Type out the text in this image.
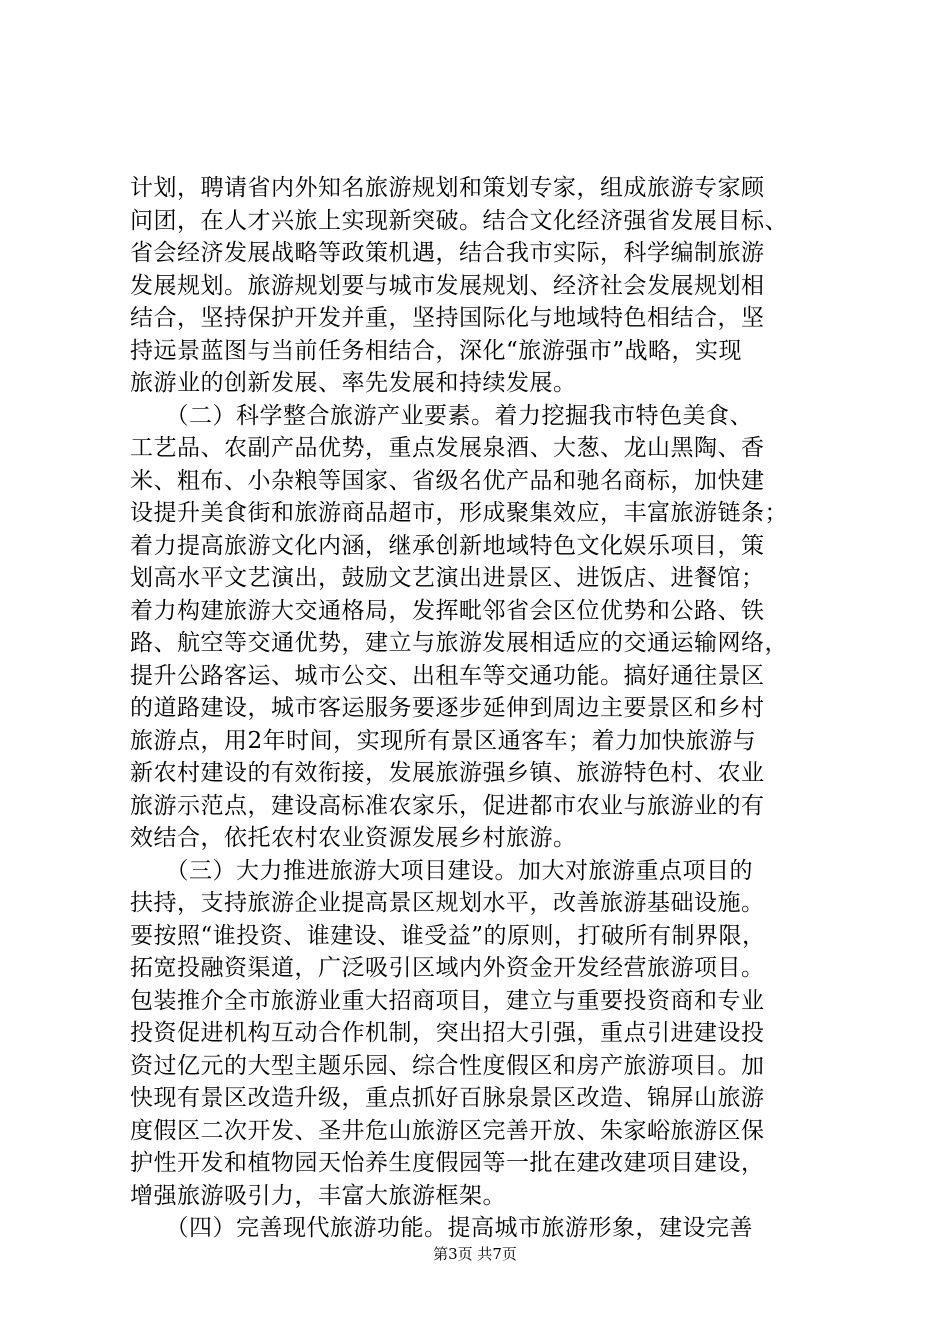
计划，聘请省内外知名旅游规划和策划专家，组成旅游专家顾
问团，在人才兴旅上实现新突破。结合文化经济强省发展目标、
省会经济发展战略等政策机遇，结合我市实际，科学编制旅游
发展规划。旅游规划要与城市发展规划、经济社会发展规划相
结合，坚持保护开发并重，坚持国际化与地域特色相结合，坚
持远景蓝图与当前任务相结合，深化“旅游强市”战略，实现
旅游业的创新发展、率先发展和持续发展。
　　（二）科学整合旅游产业要素。着力挖掘我市特色美食、
工艺品、农副产品优势，重点发展泉酒、大葱、龙山黑陶、香
米、粗布、小杂粮等国家、省级名优产品和驰名商标，加快建
设提升美食街和旅游商品超市，形成聚集效应，丰富旅游链条；
着力提高旅游文化内涵，继承创新地域特色文化娱乐项目，策
划高水平文艺演出，鼓励文艺演出进景区、进饭店、进餐馆；
着力构建旅游大交通格局，发挥毗邻省会区位优势和公路、铁
路、航空等交通优势，建立与旅游发展相适应的交通运输网络，
提升公路客运、城市公交、出租车等交通功能。搞好通往景区
的道路建设，城市客运服务要逐步延伸到周边主要景区和乡村
旅游点，用2年时间，实现所有景区通客车；着力加快旅游与
新农村建设的有效衔接，发展旅游强乡镇、旅游特色村、农业
旅游示范点，建设高标准农家乐，促进都市农业与旅游业的有
效结合，依托农村农业资源发展乡村旅游。
　　（三）大力推进旅游大项目建设。加大对旅游重点项目的
扶持，支持旅游企业提高景区规划水平，改善旅游基础设施。
要按照“谁投资、谁建设、谁受益”的原则，打破所有制界限，
拓宽投融资渠道，广泛吸引区域内外资金开发经营旅游项目。
包装推介全市旅游业重大招商项目，建立与重要投资商和专业
投资促进机构互动合作机制，突出招大引强，重点引进建设投
资过亿元的大型主题乐园、综合性度假区和房产旅游项目。加
快现有景区改造升级，重点抓好百脉泉景区改造、锦屏山旅游
度假区二次开发、圣井危山旅游区完善开放、朱家峪旅游区保
护性开发和植物园天怡养生度假园等一批在建改建项目建设，
增强旅游吸引力，丰富大旅游框架。
　　（四）完善现代旅游功能。提高城市旅游形象，建设完善
第3页 共7页
